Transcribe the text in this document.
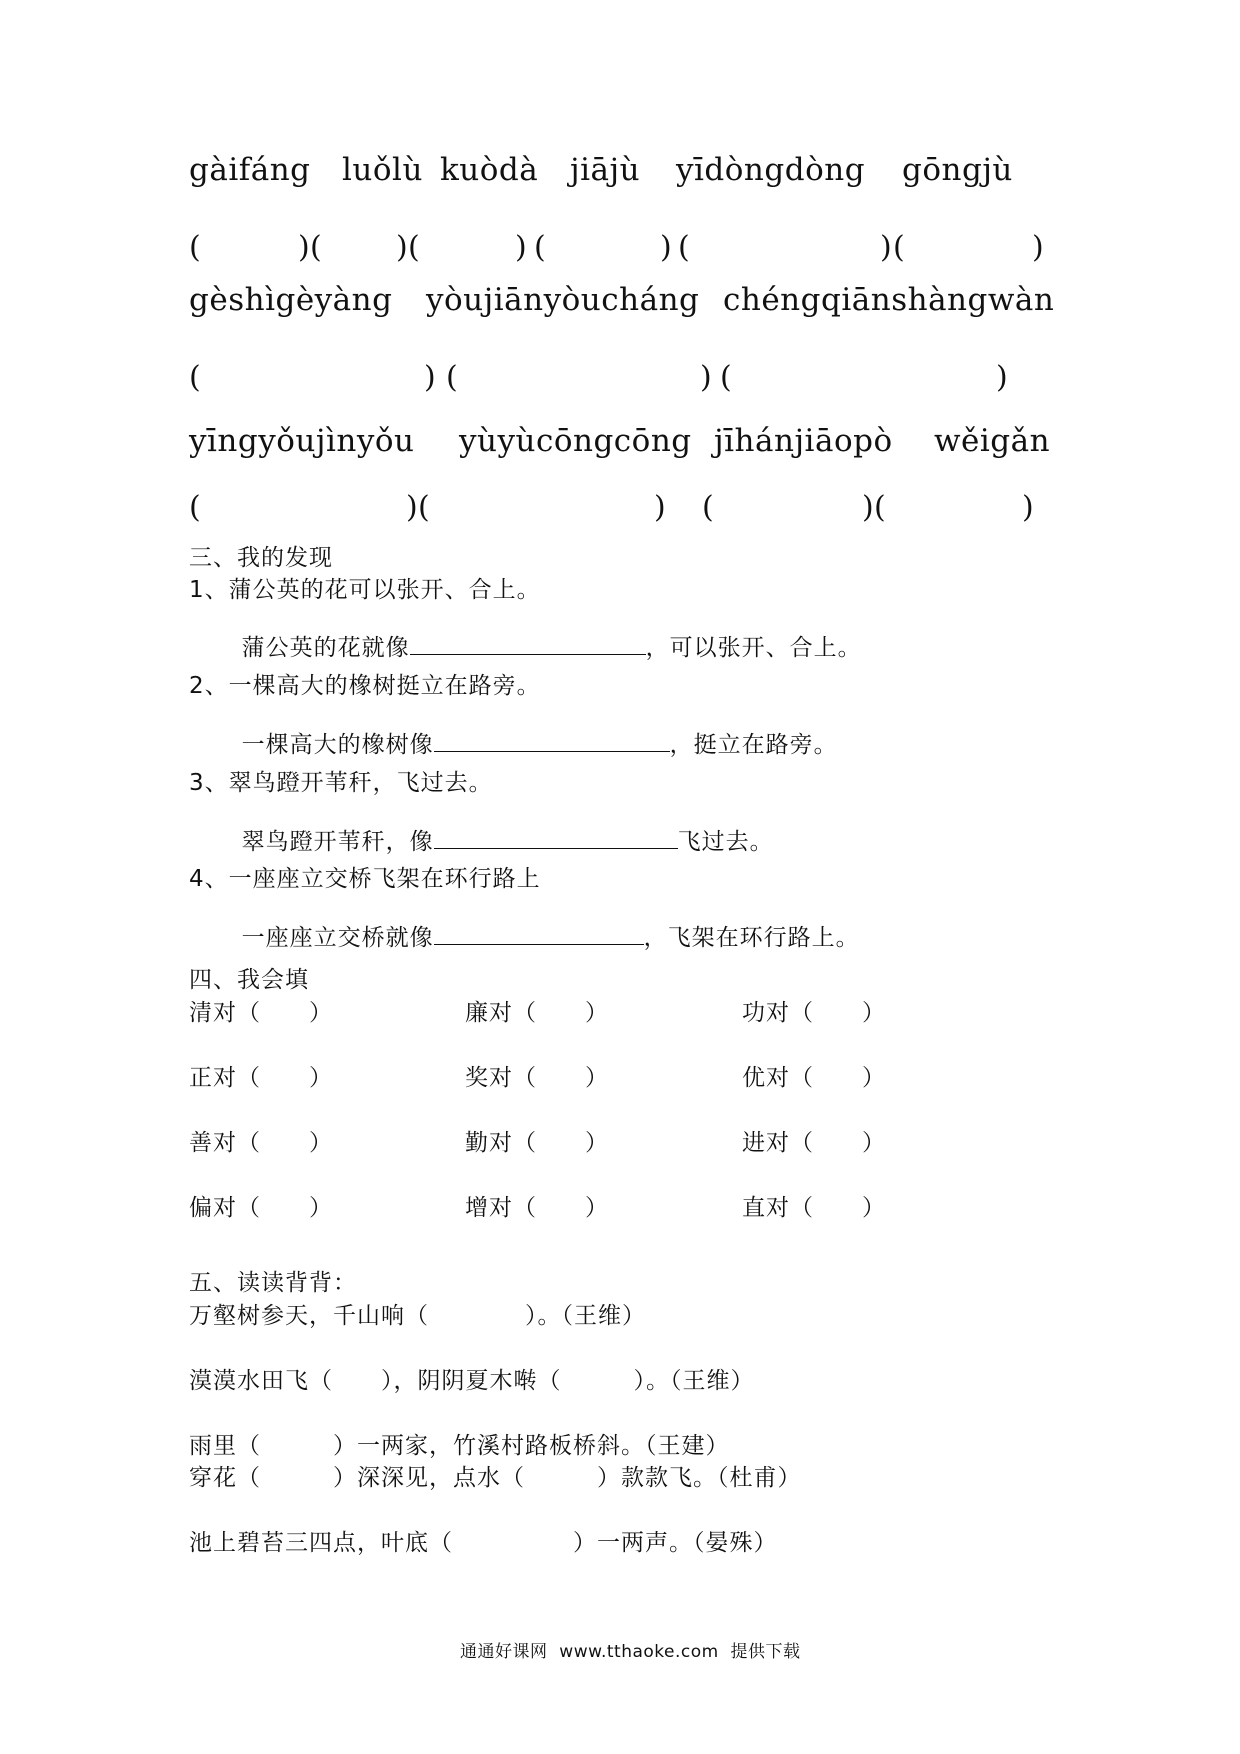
gàifáng luǒlù kuòdà jiājù yīdòngdòng gōngjù
(	) ( ) (	) (	) (	) (	)
gèshìgèyàng yòujiānyòucháng chéngqiānshàngwàn
(	) (	) (	)
yīngyǒujìnyǒu yùyùcōngcōng jīhánjiāopò wěigǎn
(	) (	) (	) (	)
三、我的发现
1、蒲公英的花可以张开、合上。

蒲公英的花就像	，可以张开、合上。

2、一棵高大的橡树挺立在路旁。

一棵高大的橡树像	，挺立在路旁。

3、翠鸟蹬开苇秆，飞过去。

翠鸟蹬开苇秆，像	飞过去。

4、一座座立交桥飞架在环行路上

一座座立交桥就像	，飞架在环行路上。

四、我会填
清对（　　）	廉对（　　）	功对（　　）
正对（　　）	奖对（　　）	优对（　　）
善对（　　）	勤对（　　）	进对（　　）
偏对（　　）	增对（　　）	直对（　　）
五、读读背背：
万壑树参天，千山响（　　　　）。（王维）
漠漠水田飞（　　），阴阴夏木啭（　　　）。（王维）
雨里（　　　）一两家，竹溪村路板桥斜。（王建）
穿花（　　　）深深见，点水（　　　）款款飞。（杜甫）
池上碧苔三四点，叶底（　　　　　）一两声。（晏殊）
通通好课网  www.tthaoke.com  提供下载
